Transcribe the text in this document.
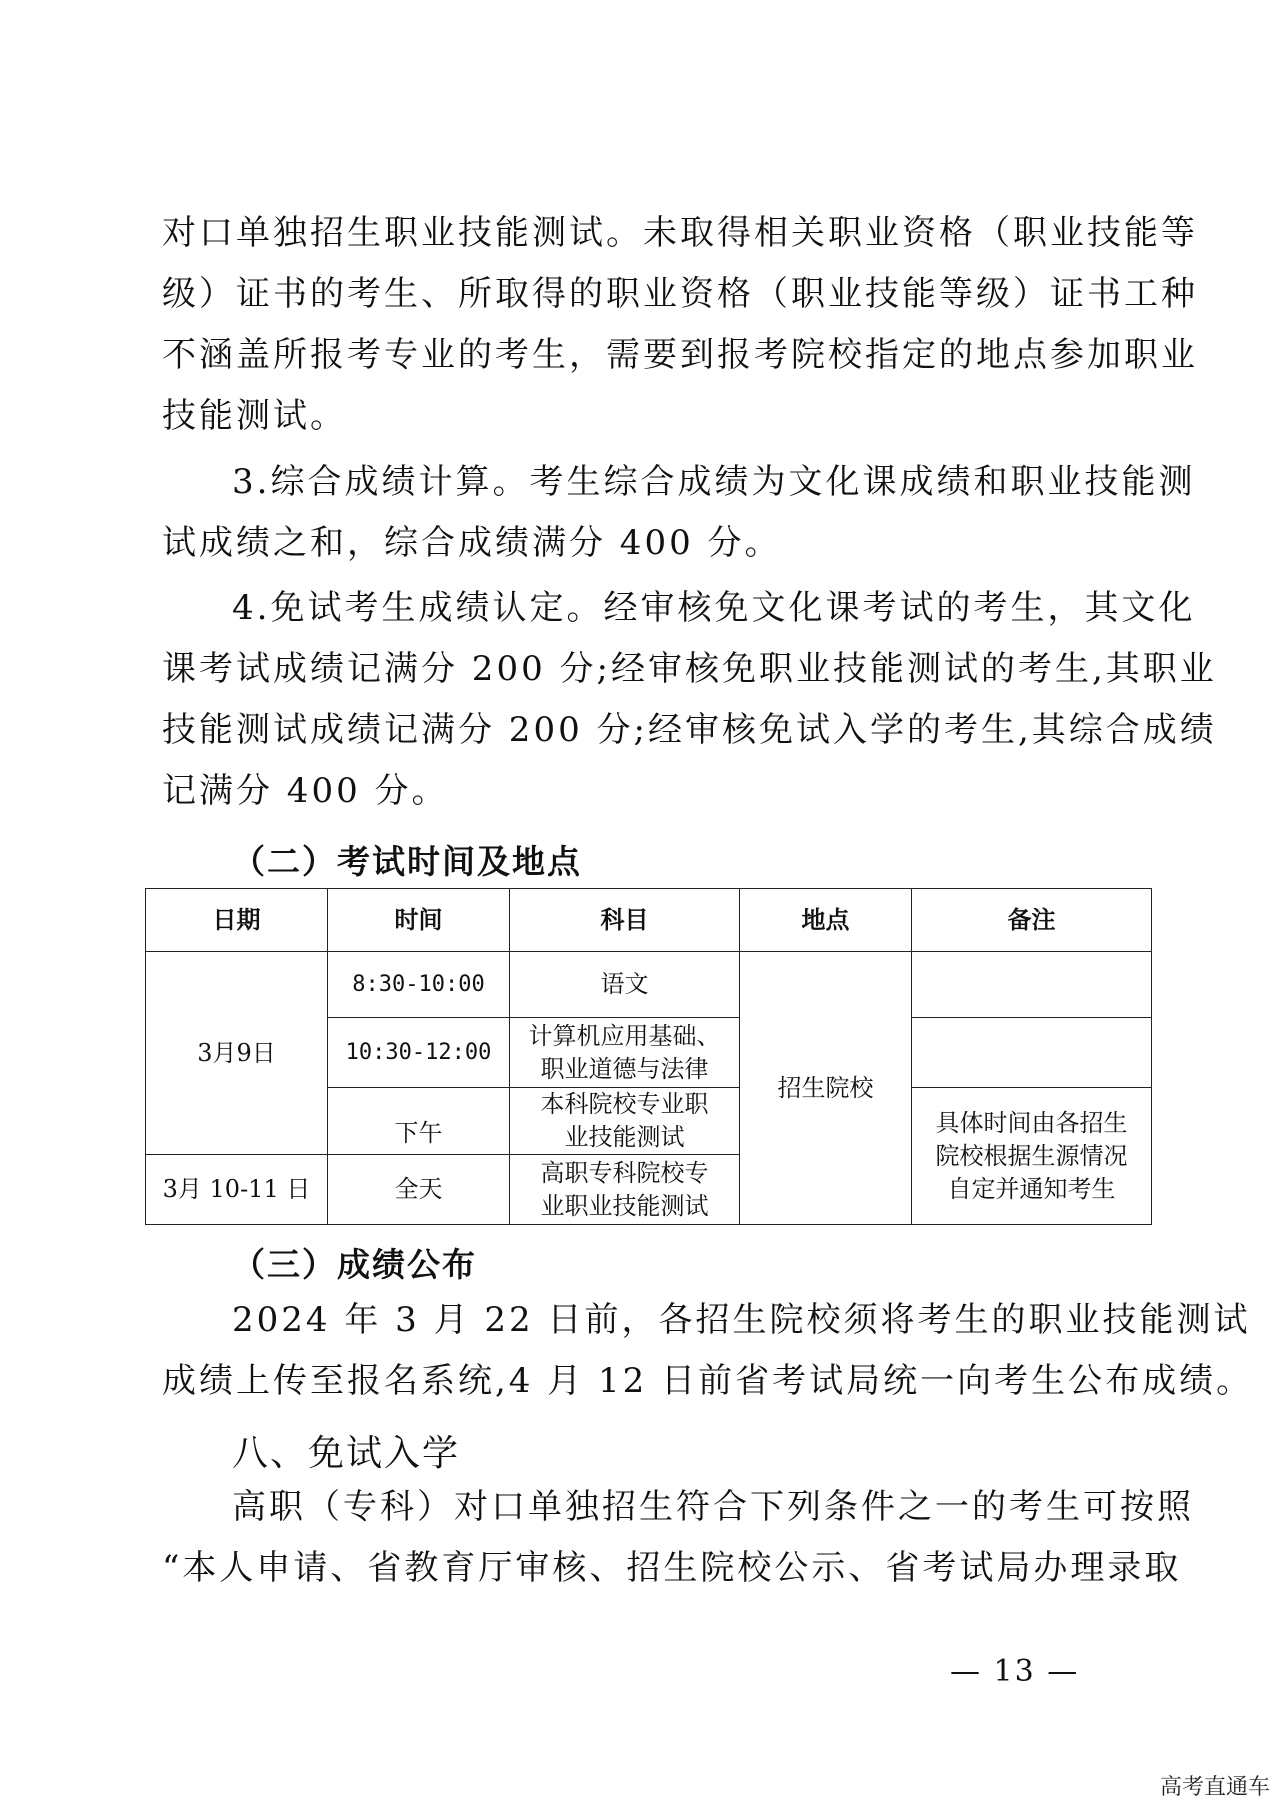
对口单独招生职业技能测试。未取得相关职业资格（职业技能等
级）证书的考生、所取得的职业资格（职业技能等级）证书工种
不涵盖所报考专业的考生，需要到报考院校指定的地点参加职业
技能测试。

3.综合成绩计算。考生综合成绩为文化课成绩和职业技能测
试成绩之和，综合成绩满分 400 分。

4.免试考生成绩认定。经审核免文化课考试的考生，其文化
课考试成绩记满分 200 分;经审核免职业技能测试的考生,其职业
技能测试成绩记满分 200 分;经审核免试入学的考生,其综合成绩
记满分 400 分。

（二）考试时间及地点
日期	时间	科目	地点	备注
3月9日	8:30-10:00	语文	招生院校	
	10:30-12:00	计算机应用基础、
职业道德与法律		

	下午	本科院校专业职
业技能测试		具体时间由各招生
院校根据生源情况
自定并通知考生

3月 10-11 日	全天	高职专科院校专
业职业技能测试		
（三）成绩公布

2024 年 3 月 22 日前，各招生院校须将考生的职业技能测试
成绩上传至报名系统,4 月 12 日前省考试局统一向考生公布成绩。

八、免试入学

高职（专科）对口单独招生符合下列条件之一的考生可按照
“本人申请、省教育厅审核、招生院校公示、省考试局办理录取

— 13 —
高考直通车
